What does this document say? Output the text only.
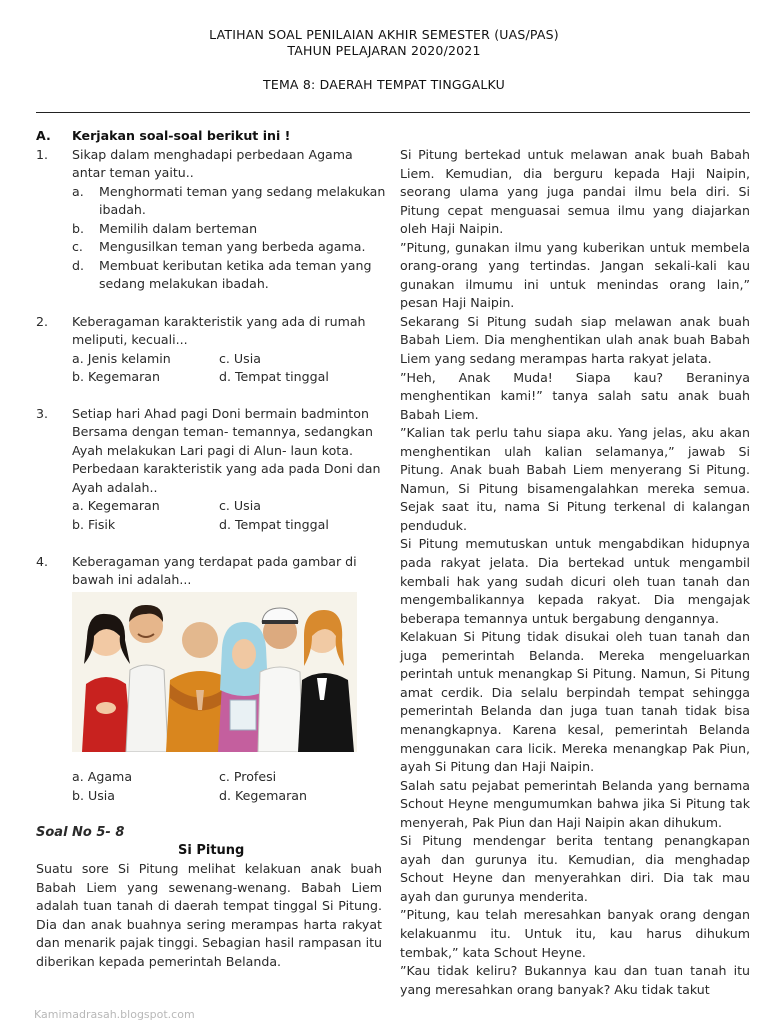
LATIHAN SOAL PENILAIAN AKHIR SEMESTER (UAS/PAS)
TAHUN PELAJARAN 2020/2021
TEMA 8: DAERAH TEMPAT TINGGALKU
A. Kerjakan soal-soal berikut ini !
1. Sikap dalam menghadapi perbedaan Agama
antar teman yaitu..
a. Menghormati teman yang sedang melakukan
ibadah.
b. Memilih dalam berteman
c. Mengusilkan teman yang berbeda agama.
d. Membuat keributan ketika ada teman yang
sedang melakukan ibadah.
2. Keberagaman karakteristik yang ada di rumah
meliputi, kecuali...
a. Jenis kelamin	c. Usia
b. Kegemaran	d. Tempat tinggal
3. Setiap hari Ahad pagi Doni bermain badminton
Bersama dengan teman- temannya, sedangkan
Ayah melakukan Lari pagi di Alun- laun kota.
Perbedaan karakteristik yang ada pada Doni dan
Ayah adalah..
a. Kegemaran	c. Usia
b. Fisik	d. Tempat tinggal
4. Keberagaman yang terdapat pada gambar di
bawah ini adalah...
a. Agama	c. Profesi
b. Usia	d. Kegemaran
Soal No 5- 8
Si Pitung

Suatu sore Si Pitung melihat kelakuan anak buah Babah Liem yang sewenang-wenang. Babah Liem adalah tuan tanah di daerah tempat tinggal Si Pitung. Dia dan anak buahnya sering merampas harta rakyat dan menarik pajak tinggi. Sebagian hasil rampasan itu diberikan kepada pemerintah Belanda.

Si Pitung bertekad untuk melawan anak buah Babah Liem. Kemudian, dia berguru kepada Haji Naipin, seorang ulama yang juga pandai ilmu bela diri. Si Pitung cepat menguasai semua ilmu yang diajarkan oleh Haji Naipin.

”Pitung, gunakan ilmu yang kuberikan untuk membela orang-orang yang tertindas. Jangan sekali-kali kau gunakan ilmumu ini untuk menindas orang lain,” pesan Haji Naipin.

Sekarang Si Pitung sudah siap melawan anak buah Babah Liem. Dia menghentikan ulah anak buah Babah Liem yang sedang merampas harta rakyat jelata.

”Heh, Anak Muda! Siapa kau? Beraninya menghentikan kami!” tanya salah satu anak buah Babah Liem.

”Kalian tak perlu tahu siapa aku. Yang jelas, aku akan menghentikan ulah kalian selamanya,” jawab Si Pitung. Anak buah Babah Liem menyerang Si Pitung. Namun, Si Pitung bisamengalahkan mereka semua. Sejak saat itu, nama Si Pitung terkenal di kalangan penduduk.

Si Pitung memutuskan untuk mengabdikan hidupnya pada rakyat jelata. Dia bertekad untuk mengambil kembali hak yang sudah dicuri oleh tuan tanah dan mengembalikannya kepada rakyat. Dia mengajak beberapa temannya untuk bergabung dengannya.

Kelakuan Si Pitung tidak disukai oleh tuan tanah dan juga pemerintah Belanda. Mereka mengeluarkan perintah untuk menangkap Si Pitung. Namun, Si Pitung amat cerdik. Dia selalu berpindah tempat sehingga pemerintah Belanda dan juga tuan tanah tidak bisa menangkapnya. Karena kesal, pemerintah Belanda menggunakan cara licik. Mereka menangkap Pak Piun, ayah Si Pitung dan Haji Naipin.

Salah satu pejabat pemerintah Belanda yang bernama Schout Heyne mengumumkan bahwa jika Si Pitung tak menyerah, Pak Piun dan Haji Naipin akan dihukum.

Si Pitung mendengar berita tentang penangkapan ayah dan gurunya itu. Kemudian, dia menghadap Schout Heyne dan menyerahkan diri. Dia tak mau ayah dan gurunya menderita.

”Pitung, kau telah meresahkan banyak orang dengan kelakuanmu itu. Untuk itu, kau harus dihukum tembak,” kata Schout Heyne.

”Kau tidak keliru? Bukannya kau dan tuan tanah itu yang meresahkan orang banyak? Aku tidak takut

Kamimadrasah.blogspot.com
